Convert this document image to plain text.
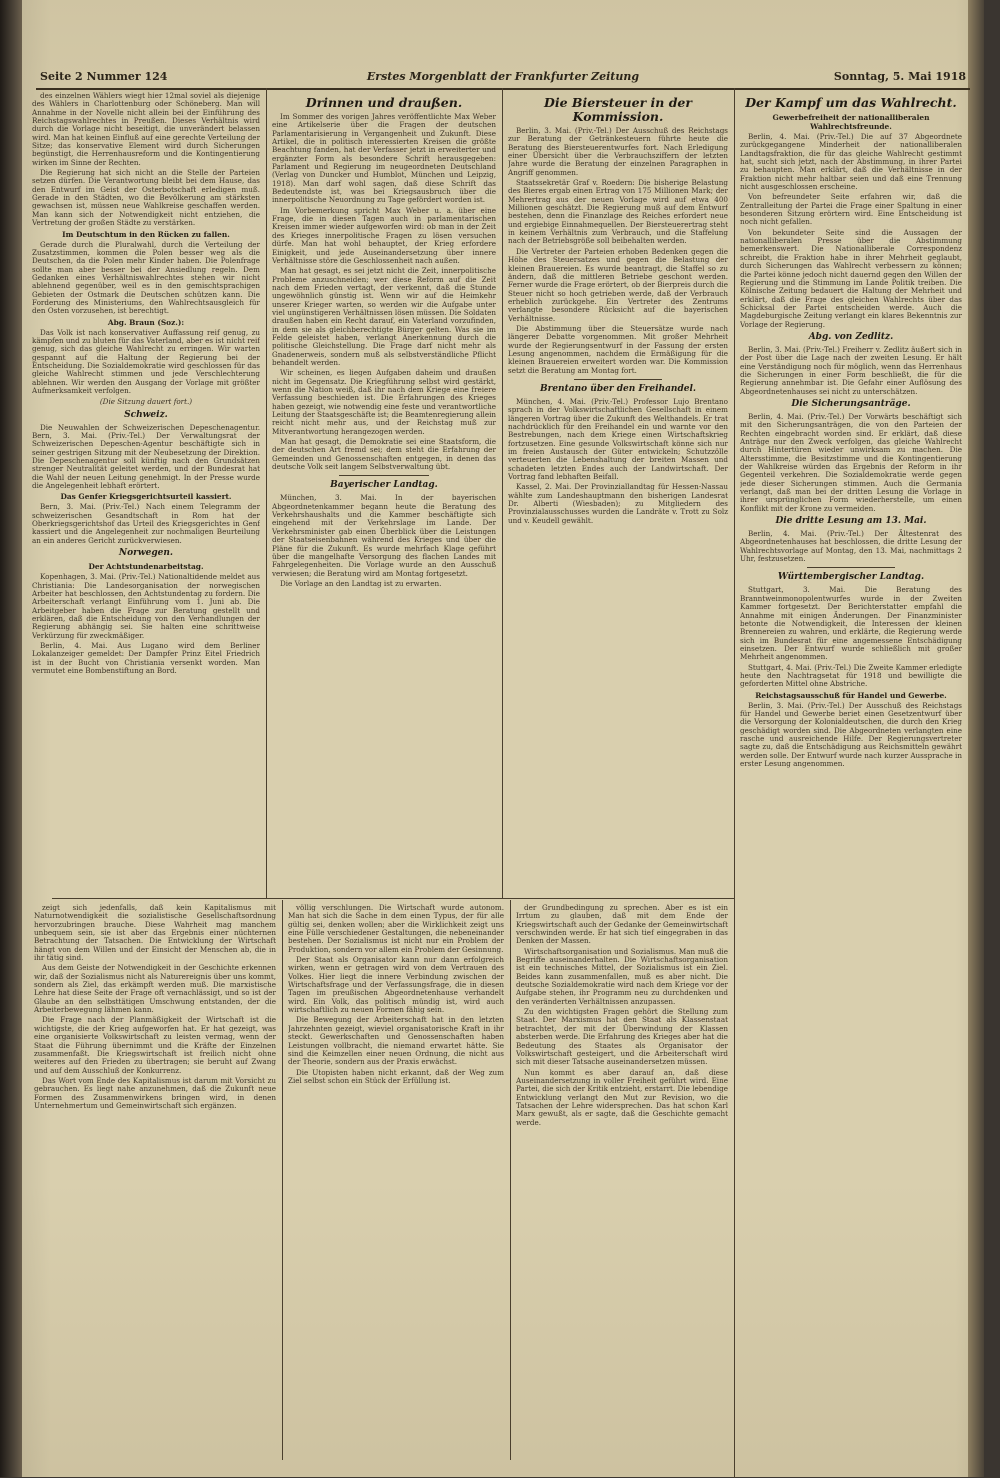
Seite 2 Nummer 124	Erstes Morgenblatt der Frankfurter Zeitung	Sonntag, 5. Mai 1918

des einzelnen Wählers wiegt hier 12mal soviel als diejenige des Wählers in Charlottenburg oder Schöneberg. Man will Annahme in der Novelle nicht allein bei der Einführung des Reichstagswahlrechtes in Preußen. Dieses Verhältnis wird durch die Vorlage nicht beseitigt, die unverändert belassen wird. Man hat keinen Einfluß auf eine gerechte Verteilung der Sitze; das konservative Element wird durch Sicherungen begünstigt, die Herrenhausreform und die Kontingentierung wirken im Sinne der Rechten.

Die Regierung hat sich nicht an die Stelle der Parteien setzen dürfen. Die Verantwortung bleibt bei dem Hause, das den Entwurf im Geist der Osterbotschaft erledigen muß. Gerade in den Städten, wo die Bevölkerung am stärksten gewachsen ist, müssen neue Wahlkreise geschaffen werden. Man kann sich der Notwendigkeit nicht entziehen, die Vertretung der großen Städte zu verstärken.

Im Deutschtum in den Rücken zu fallen.

Gerade durch die Pluralwahl, durch die Verteilung der Zusatzstimmen, kommen die Polen besser weg als die Deutschen, da die Polen mehr Kinder haben. Die Polenfrage sollte man aber besser bei der Ansiedlung regeln. Dem Gedanken eines Verhältniswahlrechtes stehen wir nicht ablehnend gegenüber, weil es in den gemischtsprachigen Gebieten der Ostmark die Deutschen schützen kann. Die Forderung des Ministeriums, den Wahlrechtsausgleich für den Osten vorzusehen, ist berechtigt.

Abg. Braun (Soz.):

Das Volk ist nach konservativer Auffassung reif genug, zu kämpfen und zu bluten für das Vaterland, aber es ist nicht reif genug, sich das gleiche Wahlrecht zu erringen. Wir warten gespannt auf die Haltung der Regierung bei der Entscheidung. Die Sozialdemokratie wird geschlossen für das gleiche Wahlrecht stimmen und jede Verschlechterung ablehnen. Wir werden den Ausgang der Vorlage mit größter Aufmerksamkeit verfolgen.

(Die Sitzung dauert fort.)
Schweiz.

Die Neuwahlen der Schweizerischen Depeschenagentur. Bern, 3. Mai. (Priv.-Tel.) Der Verwaltungsrat der Schweizerischen Depeschen-Agentur beschäftigte sich in seiner gestrigen Sitzung mit der Neubesetzung der Direktion. Die Depeschenagentur soll künftig nach den Grundsätzen strenger Neutralität geleitet werden, und der Bundesrat hat die Wahl der neuen Leitung genehmigt. In der Presse wurde die Angelegenheit lebhaft erörtert.

Das Genfer Kriegsgerichtsurteil kassiert.

Bern, 3. Mai. (Priv.-Tel.) Nach einem Telegramm der schweizerischen Gesandtschaft in Rom hat der Oberkriegsgerichtshof das Urteil des Kriegsgerichtes in Genf kassiert und die Angelegenheit zur nochmaligen Beurteilung an ein anderes Gericht zurückverwiesen.

Norwegen.
Der Achtstundenarbeitstag.

Kopenhagen, 3. Mai. (Priv.-Tel.) Nationaltidende meldet aus Christiania: Die Landesorganisation der norwegischen Arbeiter hat beschlossen, den Achtstundentag zu fordern. Die Arbeiterschaft verlangt Einführung vom 1. Juni ab. Die Arbeitgeber haben die Frage zur Beratung gestellt und erklären, daß die Entscheidung von den Verhandlungen der Regierung abhängig sei. Sie halten eine schrittweise Verkürzung für zweckmäßiger.

Berlin, 4. Mai. Aus Lugano wird dem Berliner Lokalanzeiger gemeldet: Der Dampfer Prinz Eitel Friedrich ist in der Bucht von Christiania versenkt worden. Man vermutet eine Bombenstiftung an Bord.

Drinnen und draußen.

Im Sommer des vorigen Jahres veröffentlichte Max Weber eine Artikelserie über die Fragen der deutschen Parlamentarisierung in Vergangenheit und Zukunft. Diese Artikel, die in politisch interessierten Kreisen die größte Beachtung fanden, hat der Verfasser jetzt in erweiterter und ergänzter Form als besondere Schrift herausgegeben: Parlament und Regierung im neugeordneten Deutschland (Verlag von Duncker und Humblot, München und Leipzig, 1918). Man darf wohl sagen, daß diese Schrift das Bedeutendste ist, was bei Kriegsausbruch über die innerpolitische Neuordnung zu Tage gefördert worden ist.

Im Vorbemerkung spricht Max Weber u. a. über eine Frage, die in diesen Tagen auch in parlamentarischen Kreisen immer wieder aufgeworfen wird: ob man in der Zeit des Krieges innerpolitische Fragen zu lösen versuchen dürfe. Man hat wohl behauptet, der Krieg erfordere Einigkeit, und jede Auseinandersetzung über innere Verhältnisse störe die Geschlossenheit nach außen.

Man hat gesagt, es sei jetzt nicht die Zeit, innerpolitische Probleme anzuschneiden; wer diese Reform auf die Zeit nach dem Frieden vertagt, der verkennt, daß die Stunde ungewöhnlich günstig ist. Wenn wir auf die Heimkehr unserer Krieger warten, so werden wir die Aufgabe unter viel ungünstigeren Verhältnissen lösen müssen. Die Soldaten draußen haben ein Recht darauf, ein Vaterland vorzufinden, in dem sie als gleichberechtigte Bürger gelten. Was sie im Felde geleistet haben, verlangt Anerkennung durch die politische Gleichstellung. Die Frage darf nicht mehr als Gnadenerweis, sondern muß als selbstverständliche Pflicht behandelt werden.

Wir scheinen, es liegen Aufgaben daheim und draußen nicht im Gegensatz. Die Kriegführung selbst wird gestärkt, wenn die Nation weiß, daß ihr nach dem Kriege eine freiere Verfassung beschieden ist. Die Erfahrungen des Krieges haben gezeigt, wie notwendig eine feste und verantwortliche Leitung der Staatsgeschäfte ist; die Beamtenregierung allein reicht nicht mehr aus, und der Reichstag muß zur Mitverantwortung herangezogen werden.

Man hat gesagt, die Demokratie sei eine Staatsform, die der deutschen Art fremd sei; dem steht die Erfahrung der Gemeinden und Genossenschaften entgegen, in denen das deutsche Volk seit langem Selbstverwaltung übt.

Bayerischer Landtag.

München, 3. Mai. In der bayerischen Abgeordnetenkammer begann heute die Beratung des Verkehrshaushalts und die Kammer beschäftigte sich eingehend mit der Verkehrslage im Lande. Der Verkehrsminister gab einen Überblick über die Leistungen der Staatseisenbahnen während des Krieges und über die Pläne für die Zukunft. Es wurde mehrfach Klage geführt über die mangelhafte Versorgung des flachen Landes mit Fahrgelegenheiten. Die Vorlage wurde an den Ausschuß verwiesen; die Beratung wird am Montag fortgesetzt.

Die Vorlage an den Landtag ist zu erwarten.

Die Biersteuer in der Kommission.

Berlin, 3. Mai. (Priv.-Tel.) Der Ausschuß des Reichstags zur Beratung der Getränkesteuern führte heute die Beratung des Biersteuerentwurfes fort. Nach Erledigung einer Übersicht über die Verbrauchsziffern der letzten Jahre wurde die Beratung der einzelnen Paragraphen in Angriff genommen.

Staatssekretär Graf v. Roedern: Die bisherige Belastung des Bieres ergab einen Ertrag von 175 Millionen Mark; der Mehrertrag aus der neuen Vorlage wird auf etwa 400 Millionen geschätzt. Die Regierung muß auf dem Entwurf bestehen, denn die Finanzlage des Reiches erfordert neue und ergiebige Einnahmequellen. Der Biersteuerertrag steht in keinem Verhältnis zum Verbrauch, und die Staffelung nach der Betriebsgröße soll beibehalten werden.

Die Vertreter der Parteien erhoben Bedenken gegen die Höhe des Steuersatzes und gegen die Belastung der kleinen Brauereien. Es wurde beantragt, die Staffel so zu ändern, daß die mittleren Betriebe geschont werden. Ferner wurde die Frage erörtert, ob der Bierpreis durch die Steuer nicht so hoch getrieben werde, daß der Verbrauch erheblich zurückgehe. Ein Vertreter des Zentrums verlangte besondere Rücksicht auf die bayerischen Verhältnisse.

Die Abstimmung über die Steuersätze wurde nach längerer Debatte vorgenommen. Mit großer Mehrheit wurde der Regierungsentwurf in der Fassung der ersten Lesung angenommen, nachdem die Ermäßigung für die kleinen Brauereien erweitert worden war. Die Kommission setzt die Beratung am Montag fort.

Brentano über den Freihandel.

München, 4. Mai. (Priv.-Tel.) Professor Lujo Brentano sprach in der Volkswirtschaftlichen Gesellschaft in einem längeren Vortrag über die Zukunft des Welthandels. Er trat nachdrücklich für den Freihandel ein und warnte vor den Bestrebungen, nach dem Kriege einen Wirtschaftskrieg fortzusetzen. Eine gesunde Volkswirtschaft könne sich nur im freien Austausch der Güter entwickeln; Schutzzölle verteuerten die Lebenshaltung der breiten Massen und schadeten letzten Endes auch der Landwirtschaft. Der Vortrag fand lebhaften Beifall.

Kassel, 2. Mai. Der Provinziallandtag für Hessen-Nassau wählte zum Landeshauptmann den bisherigen Landesrat Dr. Alberti (Wiesbaden); zu Mitgliedern des Provinzialausschusses wurden die Landräte v. Trott zu Solz und v. Keudell gewählt.

Der Kampf um das Wahlrecht.
Gewerbefreiheit der nationalliberalen Wahlrechtsfreunde.

Berlin, 4. Mai. (Priv.-Tel.) Die auf 37 Abgeordnete zurückgegangene Minderheit der nationalliberalen Landtagsfraktion, die für das gleiche Wahlrecht gestimmt hat, sucht sich jetzt, nach der Abstimmung, in ihrer Partei zu behaupten. Man erklärt, daß die Verhältnisse in der Fraktion nicht mehr haltbar seien und daß eine Trennung nicht ausgeschlossen erscheine.

Von befreundeter Seite erfahren wir, daß die Zentralleitung der Partei die Frage einer Spaltung in einer besonderen Sitzung erörtern wird. Eine Entscheidung ist noch nicht gefallen.

Von bekundeter Seite sind die Aussagen der nationalliberalen Presse über die Abstimmung bemerkenswert. Die Nationalliberale Correspondenz schreibt, die Fraktion habe in ihrer Mehrheit geglaubt, durch Sicherungen das Wahlrecht verbessern zu können; die Partei könne jedoch nicht dauernd gegen den Willen der Regierung und die Stimmung im Lande Politik treiben. Die Kölnische Zeitung bedauert die Haltung der Mehrheit und erklärt, daß die Frage des gleichen Wahlrechts über das Schicksal der Partei entscheiden werde. Auch die Magdeburgische Zeitung verlangt ein klares Bekenntnis zur Vorlage der Regierung.

Abg. von Zedlitz.

Berlin, 3. Mai. (Priv.-Tel.) Freiherr v. Zedlitz äußert sich in der Post über die Lage nach der zweiten Lesung. Er hält eine Verständigung noch für möglich, wenn das Herrenhaus die Sicherungen in einer Form beschließt, die für die Regierung annehmbar ist. Die Gefahr einer Auflösung des Abgeordnetenhauses sei nicht zu unterschätzen.

Die Sicherungsanträge.

Berlin, 4. Mai. (Priv.-Tel.) Der Vorwärts beschäftigt sich mit den Sicherungsanträgen, die von den Parteien der Rechten eingebracht worden sind. Er erklärt, daß diese Anträge nur den Zweck verfolgen, das gleiche Wahlrecht durch Hintertüren wieder unwirksam zu machen. Die Altersstimme, die Besitzstimme und die Kontingentierung der Wahlkreise würden das Ergebnis der Reform in ihr Gegenteil verkehren. Die Sozialdemokratie werde gegen jede dieser Sicherungen stimmen. Auch die Germania verlangt, daß man bei der dritten Lesung die Vorlage in ihrer ursprünglichen Form wiederherstelle, um einen Konflikt mit der Krone zu vermeiden.

Die dritte Lesung am 13. Mai.

Berlin, 4. Mai. (Priv.-Tel.) Der Ältestenrat des Abgeordnetenhauses hat beschlossen, die dritte Lesung der Wahlrechtsvorlage auf Montag, den 13. Mai, nachmittags 2 Uhr, festzusetzen.

Württembergischer Landtag.

Stuttgart, 3. Mai. Die Beratung des Branntweinmonopolentwurfes wurde in der Zweiten Kammer fortgesetzt. Der Berichterstatter empfahl die Annahme mit einigen Änderungen. Der Finanzminister betonte die Notwendigkeit, die Interessen der kleinen Brennereien zu wahren, und erklärte, die Regierung werde sich im Bundesrat für eine angemessene Entschädigung einsetzen. Der Entwurf wurde schließlich mit großer Mehrheit angenommen.

Stuttgart, 4. Mai. (Priv.-Tel.) Die Zweite Kammer erledigte heute den Nachtragsetat für 1918 und bewilligte die geforderten Mittel ohne Abstriche.

Reichstagsausschuß für Handel und Gewerbe.

Berlin, 3. Mai. (Priv.-Tel.) Der Ausschuß des Reichstags für Handel und Gewerbe beriet einen Gesetzentwurf über die Versorgung der Kolonialdeutschen, die durch den Krieg geschädigt worden sind. Die Abgeordneten verlangten eine rasche und ausreichende Hilfe. Der Regierungsvertreter sagte zu, daß die Entschädigung aus Reichsmitteln gewährt werden solle. Der Entwurf wurde nach kurzer Aussprache in erster Lesung angenommen.

zeigt sich jedenfalls, daß kein Kapitalismus mit Naturnotwendigkeit die sozialistische Gesellschaftsordnung hervorzubringen brauche. Diese Wahrheit mag manchem unbequem sein, sie ist aber das Ergebnis einer nüchternen Betrachtung der Tatsachen. Die Entwicklung der Wirtschaft hängt von dem Willen und der Einsicht der Menschen ab, die in ihr tätig sind.

Aus dem Geiste der Notwendigkeit in der Geschichte erkennen wir, daß der Sozialismus nicht als Naturereignis über uns kommt, sondern als Ziel, das erkämpft werden muß. Die marxistische Lehre hat diese Seite der Frage oft vernachlässigt, und so ist der Glaube an den selbsttätigen Umschwung entstanden, der die Arbeiterbewegung lähmen kann.

Die Frage nach der Planmäßigkeit der Wirtschaft ist die wichtigste, die der Krieg aufgeworfen hat. Er hat gezeigt, was eine organisierte Volkswirtschaft zu leisten vermag, wenn der Staat die Führung übernimmt und die Kräfte der Einzelnen zusammenfaßt. Die Kriegswirtschaft ist freilich nicht ohne weiteres auf den Frieden zu übertragen; sie beruht auf Zwang und auf dem Ausschluß der Konkurrenz.

Das Wort vom Ende des Kapitalismus ist darum mit Vorsicht zu gebrauchen. Es liegt nahe anzunehmen, daß die Zukunft neue Formen des Zusammenwirkens bringen wird, in denen Unternehmertum und Gemeinwirtschaft sich ergänzen.

völlig verschlungen. Die Wirtschaft wurde autonom. Man hat sich die Sache in dem einen Typus, der für alle gültig sei, denken wollen; aber die Wirklichkeit zeigt uns eine Fülle verschiedener Gestaltungen, die nebeneinander bestehen. Der Sozialismus ist nicht nur ein Problem der Produktion, sondern vor allem ein Problem der Gesinnung.

Der Staat als Organisator kann nur dann erfolgreich wirken, wenn er getragen wird von dem Vertrauen des Volkes. Hier liegt die innere Verbindung zwischen der Wirtschaftsfrage und der Verfassungsfrage, die in diesen Tagen im preußischen Abgeordnetenhause verhandelt wird. Ein Volk, das politisch mündig ist, wird auch wirtschaftlich zu neuen Formen fähig sein.

Die Bewegung der Arbeiterschaft hat in den letzten Jahrzehnten gezeigt, wieviel organisatorische Kraft in ihr steckt. Gewerkschaften und Genossenschaften haben Leistungen vollbracht, die niemand erwartet hätte. Sie sind die Keimzellen einer neuen Ordnung, die nicht aus der Theorie, sondern aus der Praxis erwächst.

Die Utopisten haben nicht erkannt, daß der Weg zum Ziel selbst schon ein Stück der Erfüllung ist.

der Grundbedingung zu sprechen. Aber es ist ein Irrtum zu glauben, daß mit dem Ende der Kriegswirtschaft auch der Gedanke der Gemeinwirtschaft verschwinden werde. Er hat sich tief eingegraben in das Denken der Massen.

Wirtschaftsorganisation und Sozialismus. Man muß die Begriffe auseinanderhalten. Die Wirtschaftsorganisation ist ein technisches Mittel, der Sozialismus ist ein Ziel. Beides kann zusammenfallen, muß es aber nicht. Die deutsche Sozialdemokratie wird nach dem Kriege vor der Aufgabe stehen, ihr Programm neu zu durchdenken und den veränderten Verhältnissen anzupassen.

Zu den wichtigsten Fragen gehört die Stellung zum Staat. Der Marxismus hat den Staat als Klassenstaat betrachtet, der mit der Überwindung der Klassen absterben werde. Die Erfahrung des Krieges aber hat die Bedeutung des Staates als Organisator der Volkswirtschaft gesteigert, und die Arbeiterschaft wird sich mit dieser Tatsache auseinandersetzen müssen.

Nun kommt es aber darauf an, daß diese Auseinandersetzung in voller Freiheit geführt wird. Eine Partei, die sich der Kritik entzieht, erstarrt. Die lebendige Entwicklung verlangt den Mut zur Revision, wo die Tatsachen der Lehre widersprechen. Das hat schon Karl Marx gewußt, als er sagte, daß die Geschichte gemacht werde.
